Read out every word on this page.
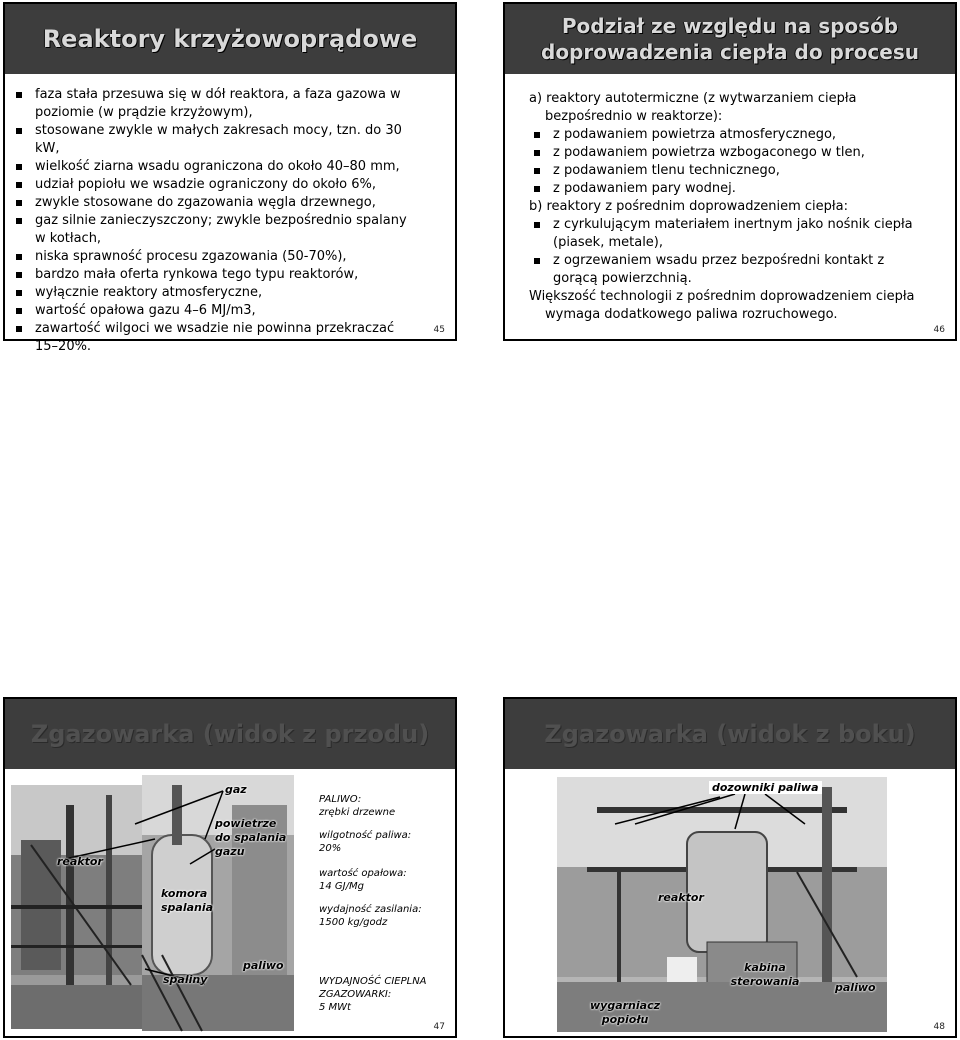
Reaktory krzyżowoprądowe
faza stała przesuwa się w dół reaktora, a faza gazowa w poziomie (w prądzie krzyżowym),
stosowane zwykle w małych zakresach mocy, tzn. do 30 kW,
wielkość ziarna wsadu ograniczona do około 40–80 mm,
udział popiołu we wsadzie ograniczony do około 6%,
zwykle stosowane do zgazowania węgla drzewnego,
gaz silnie zanieczyszczony; zwykle bezpośrednio spalany w kotłach,
niska sprawność procesu zgazowania (50-70%),
bardzo mała oferta rynkowa tego typu reaktorów,
wyłącznie reaktory atmosferyczne,
wartość opałowa gazu 4–6 MJ/m3,
zawartość wilgoci we wsadzie nie powinna przekraczać 15–20%.
45
Podział ze względu na sposób
doprowadzenia ciepła do procesu
a) reaktory autotermiczne (z wytwarzaniem ciepła
bezpośrednio w reaktorze):
z podawaniem powietrza atmosferycznego,
z podawaniem powietrza wzbogaconego w tlen,
z podawaniem tlenu technicznego,
z podawaniem pary wodnej.
b) reaktory z pośrednim doprowadzeniem ciepła:
z cyrkulującym materiałem inertnym jako nośnik ciepła (piasek, metale),
z ogrzewaniem wsadu przez bezpośredni kontakt z gorącą powierzchnią.
Większość technologii z pośrednim doprowadzeniem ciepła
wymaga dodatkowego paliwa rozruchowego.
46
Zgazowarka (widok z przodu)
gaz
powietrze do spalania gazu
reaktor
komora spalania
spaliny
paliwo
PALIWO:
zrębki drzewne
wilgotność paliwa:
20%
wartość opałowa:
14 GJ/Mg
wydajność zasilania:
1500 kg/godz
WYDAJNOŚĆ CIEPLNA
ZGAZOWARKI:
5 MWt
47
Zgazowarka (widok z boku)
dozowniki paliwa
reaktor
kabina sterowania	paliwo
wygarniacz popiołu
48
